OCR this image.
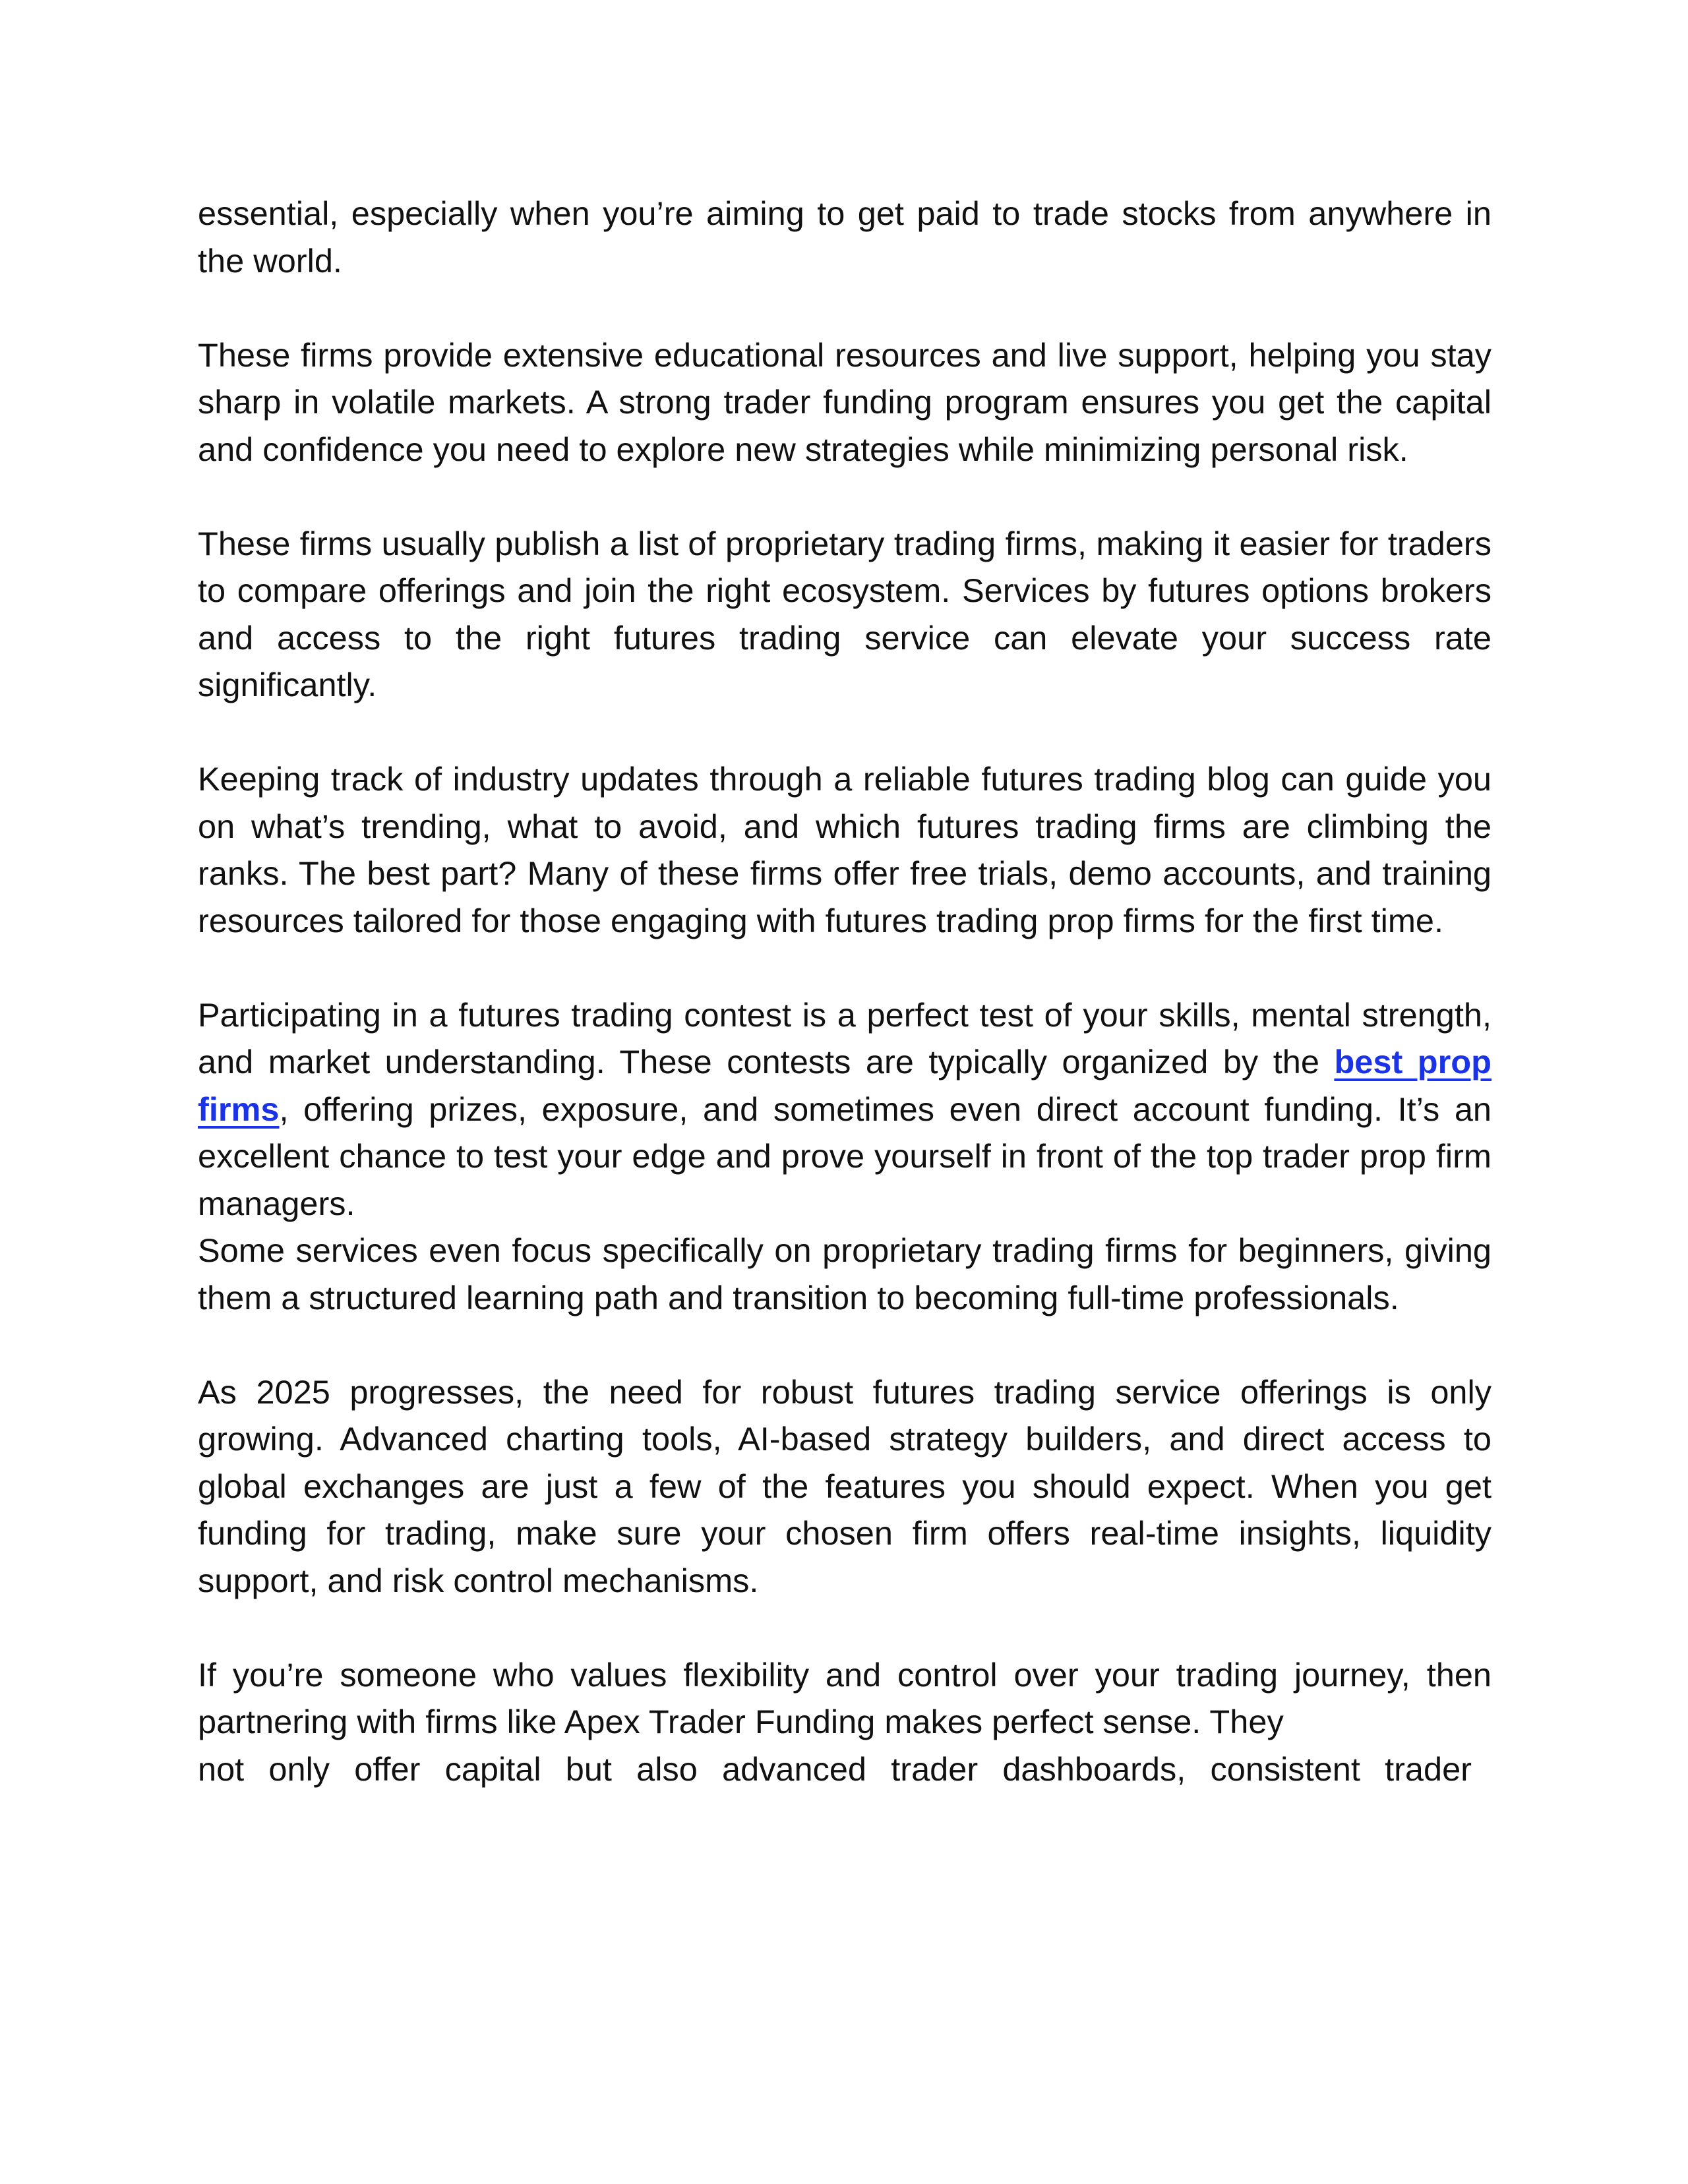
essential, especially when you’re aiming to get paid to trade stocks from anywhere in the world.

These firms provide extensive educational resources and live support, helping you stay sharp in volatile markets. A strong trader funding program ensures you get the capital and confidence you need to explore new strategies while minimizing personal risk.

These firms usually publish a list of proprietary trading firms, making it easier for traders to compare offerings and join the right ecosystem. Services by futures options brokers and access to the right futures trading service can elevate your success rate significantly.

Keeping track of industry updates through a reliable futures trading blog can guide you on what’s trending, what to avoid, and which futures trading firms are climbing the ranks. The best part? Many of these firms offer free trials, demo accounts, and training resources tailored for those engaging with futures trading prop firms for the first time.

Participating in a futures trading contest is a perfect test of your skills, mental strength, and market understanding. These contests are typically organized by the best prop firms, offering prizes, exposure, and sometimes even direct account funding. It’s an excellent chance to test your edge and prove yourself in front of the top trader prop firm managers.

Some services even focus specifically on proprietary trading firms for beginners, giving them a structured learning path and transition to becoming full-time professionals.

As 2025 progresses, the need for robust futures trading service offerings is only growing. Advanced charting tools, AI-based strategy builders, and direct access to global exchanges are just a few of the features you should expect. When you get funding for trading, make sure your chosen firm offers real-time insights, liquidity support, and risk control mechanisms.

If you’re someone who values flexibility and control over your trading journey, then partnering with firms like Apex Trader Funding makes perfect sense. They

not only offer capital but also advanced trader dashboards, consistent trader
